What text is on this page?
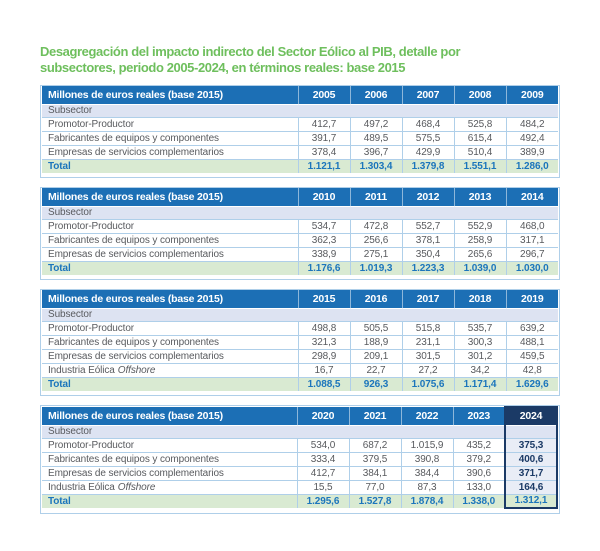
Desagregación del impacto indirecto del Sector Eólico al PIB, detalle por
subsectores, periodo 2005-2024, en términos reales: base 2015
Millones de euros reales (base 2015)	2005	2006	2007	2008	2009
Subsector					
Promotor-Productor	412,7	497,2	468,4	525,8	484,2
Fabricantes de equipos y componentes	391,7	489,5	575,5	615,4	492,4
Empresas de servicios complementarios	378,4	396,7	429,9	510,4	389,9
Total	1.121,1	1.303,4	1.379,8	1.551,1	1.286,0
Millones de euros reales (base 2015)	2010	2011	2012	2013	2014
Subsector					
Promotor-Productor	534,7	472,8	552,7	552,9	468,0
Fabricantes de equipos y componentes	362,3	256,6	378,1	258,9	317,1
Empresas de servicios complementarios	338,9	275,1	350,4	265,6	296,7
Total	1.176,6	1.019,3	1.223,3	1.039,0	1.030,0
Millones de euros reales (base 2015)	2015	2016	2017	2018	2019
Subsector					
Promotor-Productor	498,8	505,5	515,8	535,7	639,2
Fabricantes de equipos y componentes	321,3	188,9	231,1	300,3	488,1
Empresas de servicios complementarios	298,9	209,1	301,5	301,2	459,5
Industria Eólica Offshore	16,7	22,7	27,2	34,2	42,8
Total	1.088,5	926,3	1.075,6	1.171,4	1.629,6
Millones de euros reales (base 2015)	2020	2021	2022	2023	2024
Subsector					
Promotor-Productor	534,0	687,2	1.015,9	435,2	375,3
Fabricantes de equipos y componentes	333,4	379,5	390,8	379,2	400,6
Empresas de servicios complementarios	412,7	384,1	384,4	390,6	371,7
Industria Eólica Offshore	15,5	77,0	87,3	133,0	164,6
Total	1.295,6	1.527,8	1.878,4	1.338,0	1.312,1
